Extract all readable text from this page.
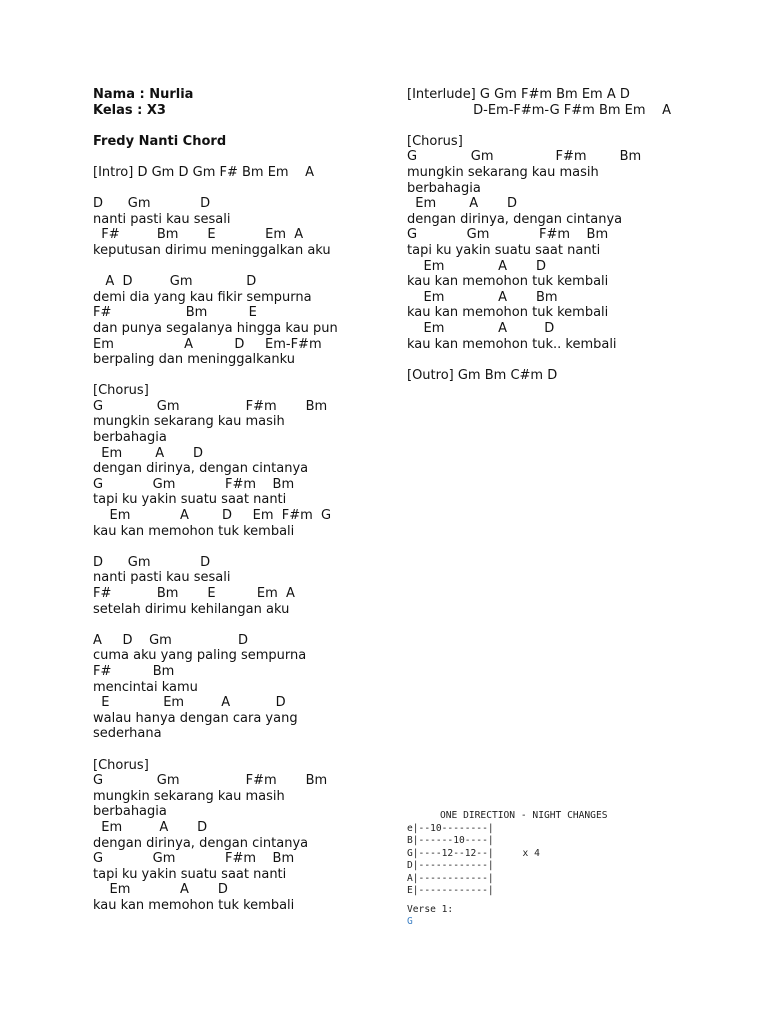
Nama : Nurlia
Kelas : X3
Fredy Nanti Chord
[Intro] D Gm D Gm F# Bm Em    A
D      Gm            D
nanti pasti kau sesali
F#         Bm       E            Em  A
keputusan dirimu meninggalkan aku
A  D         Gm             D
demi dia yang kau fikir sempurna
F#                  Bm          E
dan punya segalanya hingga kau pun
Em                 A          D     Em-F#m
berpaling dan meninggalkanku
[Chorus]
G             Gm                F#m       Bm
mungkin sekarang kau masih
berbahagia
Em        A       D
dengan dirinya, dengan cintanya
G            Gm            F#m    Bm
tapi ku yakin suatu saat nanti
Em            A        D     Em  F#m  G
kau kan memohon tuk kembali
D      Gm            D
nanti pasti kau sesali
F#           Bm       E          Em  A
setelah dirimu kehilangan aku
A     D    Gm                D
cuma aku yang paling sempurna
F#          Bm
mencintai kamu
E             Em         A           D
walau hanya dengan cara yang
sederhana
[Chorus]
G             Gm                F#m       Bm
mungkin sekarang kau masih
berbahagia
Em         A       D
dengan dirinya, dengan cintanya
G            Gm            F#m    Bm
tapi ku yakin suatu saat nanti
Em            A       D
kau kan memohon tuk kembali
[Interlude] G Gm F#m Bm Em A D
D-Em-F#m-G F#m Bm Em    A
[Chorus]
G             Gm               F#m        Bm
mungkin sekarang kau masih
berbahagia
Em        A       D
dengan dirinya, dengan cintanya
G            Gm            F#m    Bm
tapi ku yakin suatu saat nanti
Em             A       D
kau kan memohon tuk kembali
Em             A       Bm
kau kan memohon tuk kembali
Em             A         D
kau kan memohon tuk.. kembali
[Outro] Gm Bm C#m D
ONE DIRECTION - NIGHT CHANGES
e|--10--------|
B|------10----|
G|----12--12--|     x 4
D|------------|
A|------------|
E|------------|
Verse 1:
G
